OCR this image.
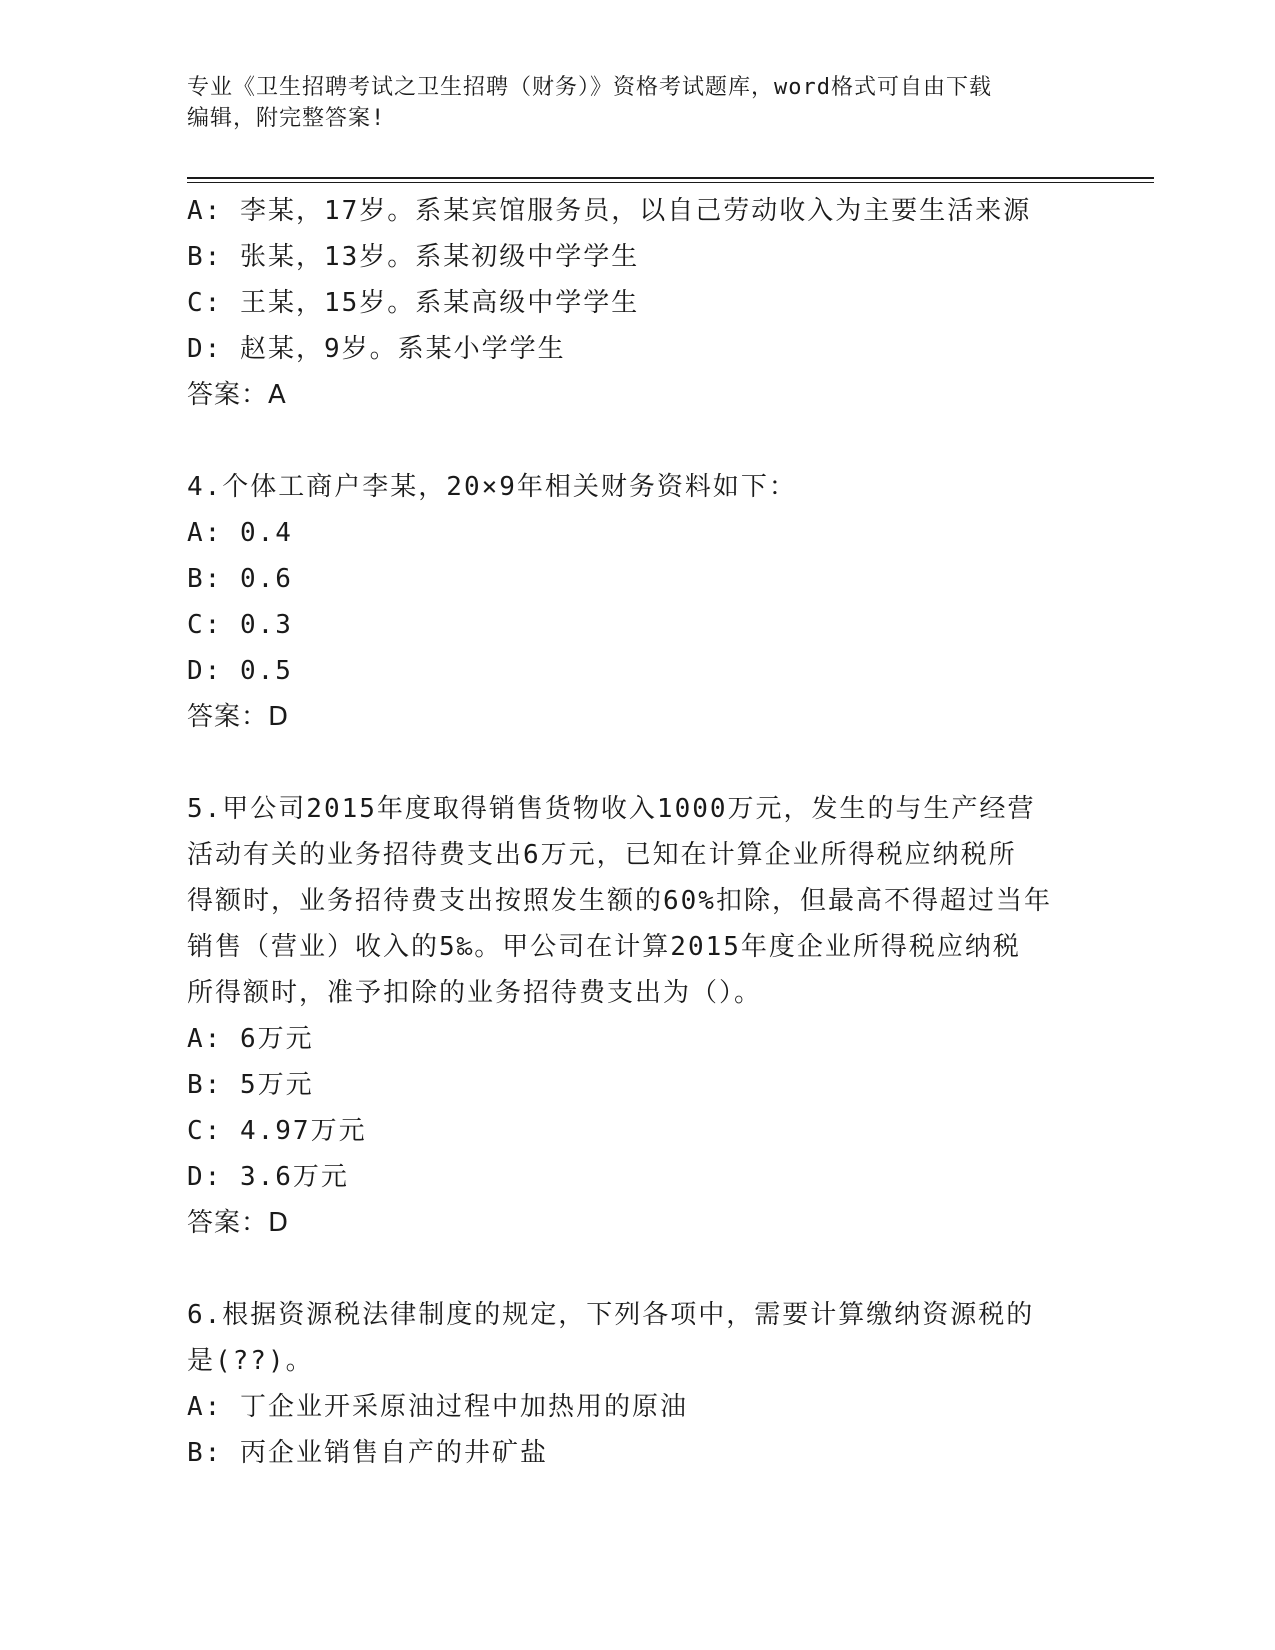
专业《卫生招聘考试之卫生招聘（财务）》资格考试题库，word格式可自由下载
编辑，附完整答案!
A: 李某，17岁。系某宾馆服务员，以自己劳动收入为主要生活来源
B: 张某，13岁。系某初级中学学生
C: 王某，15岁。系某高级中学学生
D: 赵某，9岁。系某小学学生
答案：A
4.个体工商户李某，20×9年相关财务资料如下：
A: 0.4
B: 0.6
C: 0.3
D: 0.5
答案：D
5.甲公司2015年度取得销售货物收入1000万元，发生的与生产经营
活动有关的业务招待费支出6万元，已知在计算企业所得税应纳税所
得额时，业务招待费支出按照发生额的60%扣除，但最高不得超过当年
销售（营业）收入的5‰。甲公司在计算2015年度企业所得税应纳税
所得额时，准予扣除的业务招待费支出为（）。
A: 6万元
B: 5万元
C: 4.97万元
D: 3.6万元
答案：D
6.根据资源税法律制度的规定，下列各项中，需要计算缴纳资源税的
是(??)。
A: 丁企业开采原油过程中加热用的原油
B: 丙企业销售自产的井矿盐
